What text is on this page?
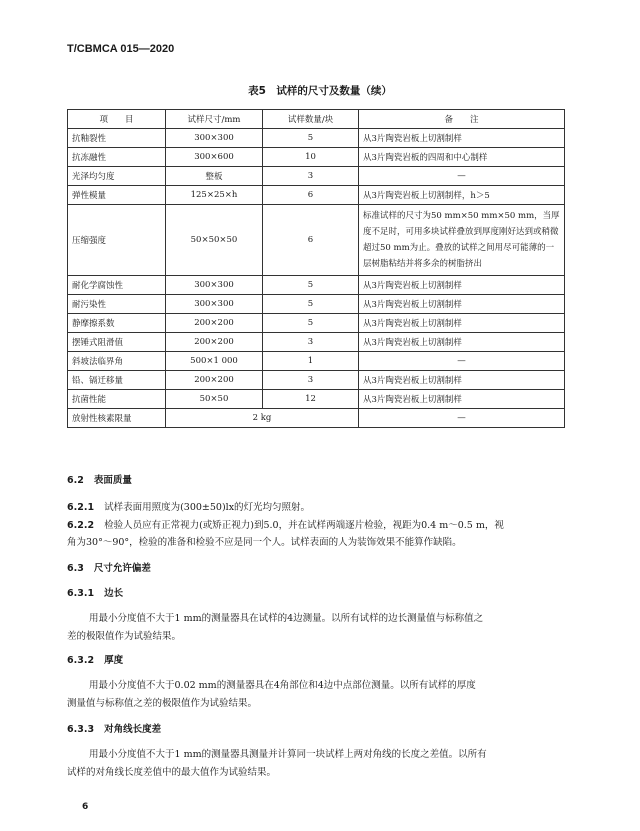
T/CBMCA 015—2020
表5　试样的尺寸及数量（续）
项　　目	试样尺寸/mm	试样数量/块	备　　注
抗釉裂性	300×300	5	从3片陶瓷岩板上切割制样
抗冻融性	300×600	10	从3片陶瓷岩板的四周和中心制样
光泽均匀度	整板	3	—
弹性模量	125×25×h	6	从3片陶瓷岩板上切割制样，h＞5
压缩强度	50×50×50	6	标准试样的尺寸为50 mm×50 mm×50 mm，当厚度不足时，可用多块试样叠放到厚度刚好达到或稍微超过50 mm为止。叠放的试样之间用尽可能薄的一层树脂粘结并将多余的树脂挤出
耐化学腐蚀性	300×300	5	从3片陶瓷岩板上切割制样
耐污染性	300×300	5	从3片陶瓷岩板上切割制样
静摩擦系数	200×200	5	从3片陶瓷岩板上切割制样
摆锤式阻滑值	200×200	3	从3片陶瓷岩板上切割制样
斜坡法临界角	500×1 000	1	—
铅、镉迁移量	200×200	3	从3片陶瓷岩板上切割制样
抗菌性能	50×50	12	从3片陶瓷岩板上切割制样
放射性核素限量	2 kg		—
6.2 表面质量
6.2.1 试样表面用照度为(300±50)lx的灯光均匀照射。
6.2.2 检验人员应有正常视力(或矫正视力)到5.0，并在试样两端逐片检验，视距为0.4 m～0.5 m，视
角为30°～90°，检验的准备和检验不应是同一个人。试样表面的人为装饰效果不能算作缺陷。
6.3 尺寸允许偏差
6.3.1 边长
用最小分度值不大于1 mm的测量器具在试样的4边测量。以所有试样的边长测量值与标称值之
差的极限值作为试验结果。
6.3.2 厚度
用最小分度值不大于0.02 mm的测量器具在4角部位和4边中点部位测量。以所有试样的厚度
测量值与标称值之差的极限值作为试验结果。
6.3.3 对角线长度差
用最小分度值不大于1 mm的测量器具测量并计算同一块试样上两对角线的长度之差值。以所有
试样的对角线长度差值中的最大值作为试验结果。
6
